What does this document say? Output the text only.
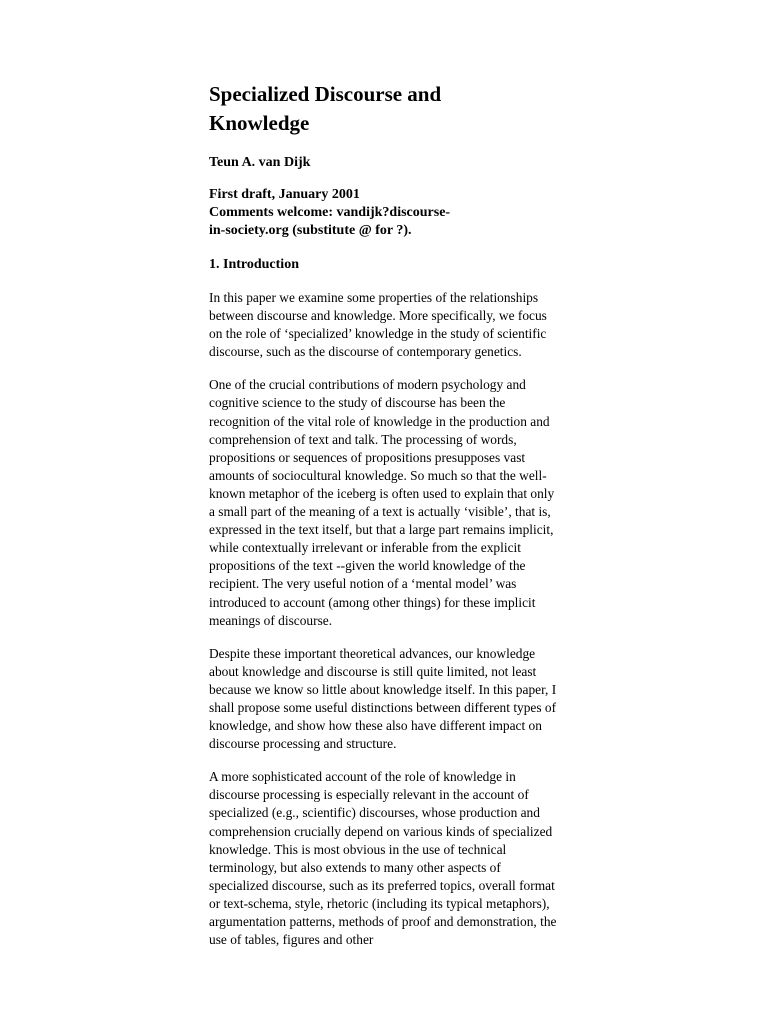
Specialized Discourse and
Knowledge
Teun A. van Dijk
First draft, January 2001
Comments welcome: vandijk?discourse-
in-society.org (substitute @ for ?).
1. Introduction

In this paper we examine some properties of the relationships between discourse and knowledge. More specifically, we focus on the role of ‘specialized’ knowledge in the study of scientific discourse, such as the discourse of contemporary genetics.

One of the crucial contributions of modern psychology and cognitive science to the study of discourse has been the recognition of the vital role of knowledge in the production and comprehension of text and talk. The processing of words, propositions or sequences of propositions presupposes vast amounts of sociocultural knowledge. So much so that the well-known metaphor of the iceberg is often used to explain that only a small part of the meaning of a text is actually ‘visible’, that is, expressed in the text itself, but that a large part remains implicit, while contextually irrelevant or inferable from the explicit propositions of the text --given the world knowledge of the recipient. The very useful notion of a ‘mental model’ was introduced to account (among other things) for these implicit meanings of discourse.

Despite these important theoretical advances, our knowledge about knowledge and discourse is still quite limited, not least because we know so little about knowledge itself. In this paper, I shall propose some useful distinctions between different types of knowledge, and show how these also have different impact on discourse processing and structure.

A more sophisticated account of the role of knowledge in discourse processing is especially relevant in the account of specialized (e.g., scientific) discourses, whose production and comprehension crucially depend on various kinds of specialized knowledge. This is most obvious in the use of technical terminology, but also extends to many other aspects of specialized discourse, such as its preferred topics, overall format or text-schema, style, rhetoric (including its typical metaphors), argumentation patterns, methods of proof and demonstration, the use of tables, figures and other
